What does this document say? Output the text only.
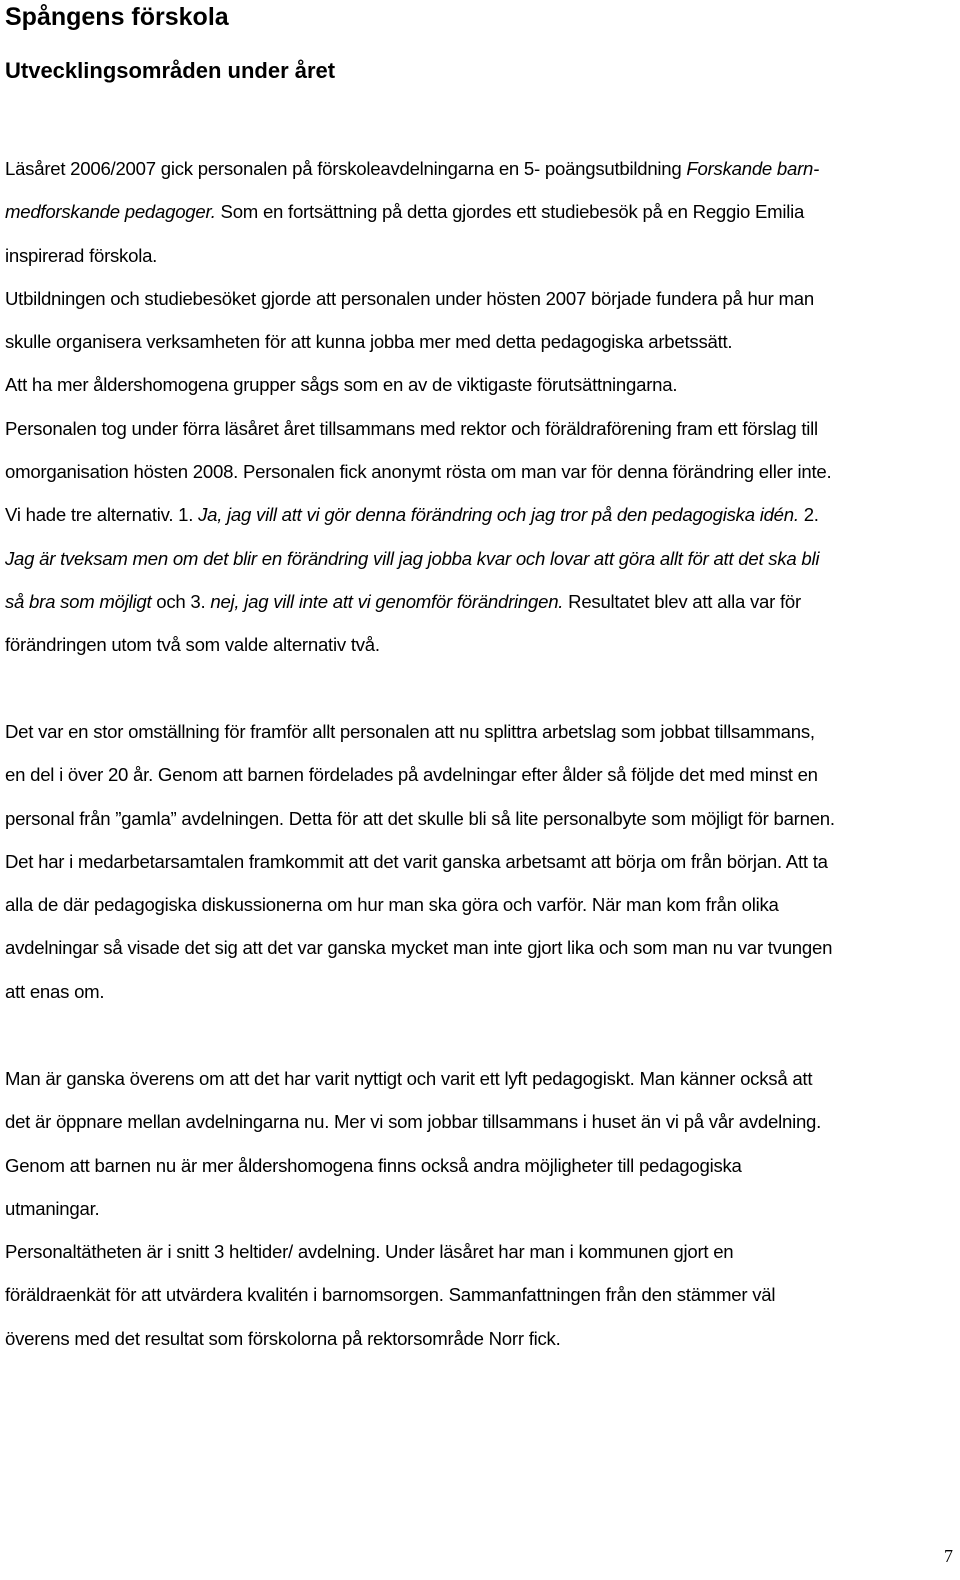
Spångens förskola
Utvecklingsområden under året

Läsåret 2006/2007 gick personalen på förskoleavdelningarna en 5- poängsutbildning Forskande barn-
medforskande pedagoger. Som en fortsättning på detta gjordes ett studiebesök på en Reggio Emilia
inspirerad förskola.
Utbildningen och studiebesöket gjorde att personalen under hösten 2007 började fundera på hur man
skulle organisera verksamheten för att kunna jobba mer med detta pedagogiska arbetssätt.
Att ha mer åldershomogena grupper sågs som en av de viktigaste förutsättningarna.
Personalen tog under förra läsåret året tillsammans med rektor och föräldraförening fram ett förslag till
omorganisation hösten 2008. Personalen fick anonymt rösta om man var för denna förändring eller inte.
Vi hade tre alternativ. 1. Ja, jag vill att vi gör denna förändring och jag tror på den pedagogiska idén. 2.
Jag är tveksam men om det blir en förändring vill jag jobba kvar och lovar att göra allt för att det ska bli
så bra som möjligt och 3. nej, jag vill inte att vi genomför förändringen. Resultatet blev att alla var för
förändringen utom två som valde alternativ två.

Det var en stor omställning för framför allt personalen att nu splittra arbetslag som jobbat tillsammans,
en del i över 20 år. Genom att barnen fördelades på avdelningar efter ålder så följde det med minst en
personal från ”gamla” avdelningen. Detta för att det skulle bli så lite personalbyte som möjligt för barnen.
Det har i medarbetarsamtalen framkommit att det varit ganska arbetsamt att börja om från början. Att ta
alla de där pedagogiska diskussionerna om hur man ska göra och varför. När man kom från olika
avdelningar så visade det sig att det var ganska mycket man inte gjort lika och som man nu var tvungen
att enas om.

Man är ganska överens om att det har varit nyttigt och varit ett lyft pedagogiskt. Man känner också att
det är öppnare mellan avdelningarna nu. Mer vi som jobbar tillsammans i huset än vi på vår avdelning.
Genom att barnen nu är mer åldershomogena finns också andra möjligheter till pedagogiska
utmaningar.
Personaltätheten är i snitt 3 heltider/ avdelning. Under läsåret har man i kommunen gjort en
föräldraenkät för att utvärdera kvalitén i barnomsorgen. Sammanfattningen från den stämmer väl
överens med det resultat som förskolorna på rektorsområde Norr fick.

7
